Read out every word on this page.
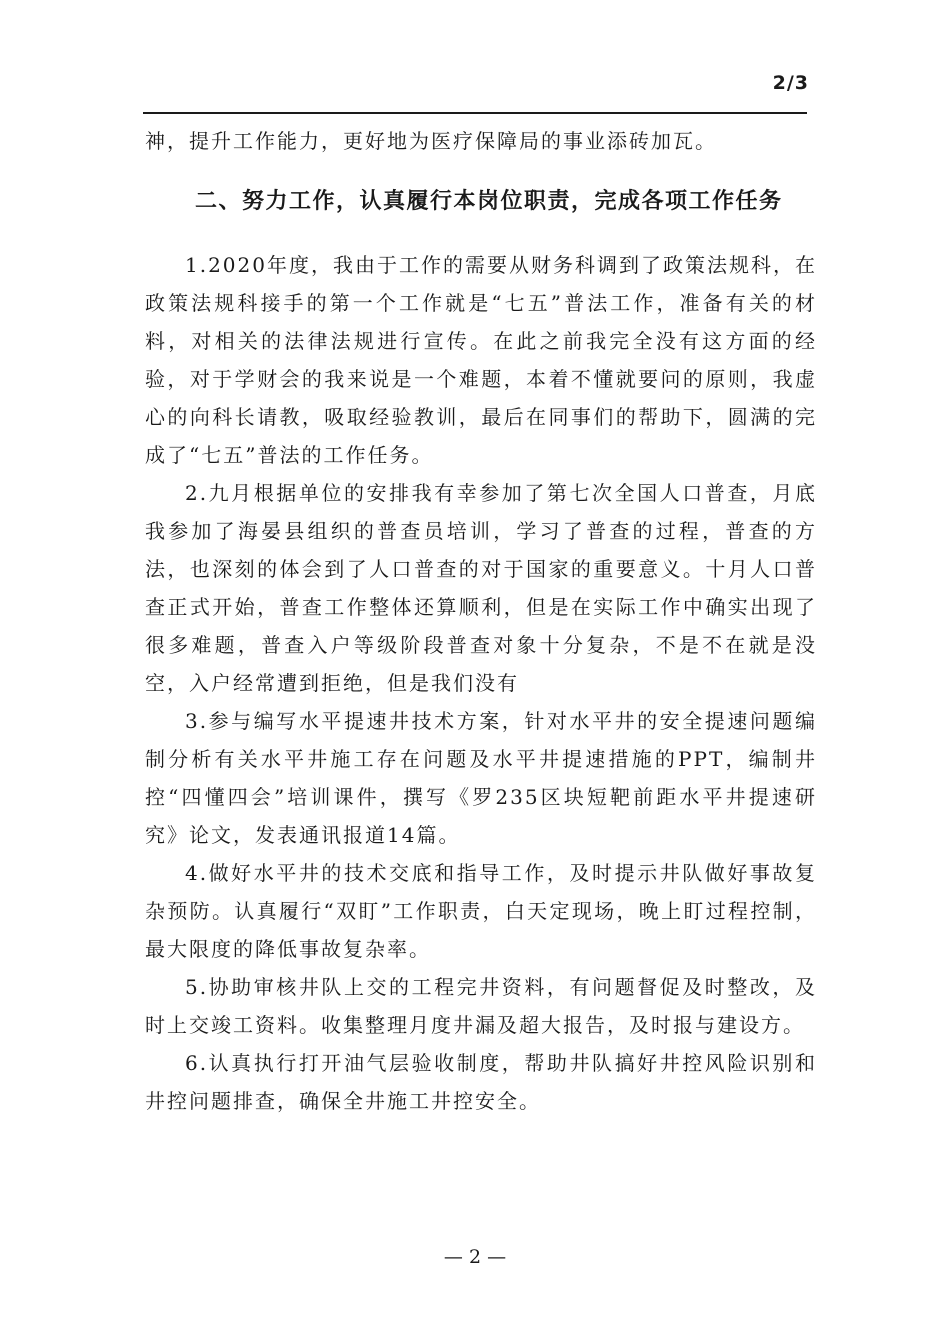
2/3

神，提升工作能力，更好地为医疗保障局的事业添砖加瓦。

二、努力工作，认真履行本岗位职责，完成各项工作任务

1.2020年度，我由于工作的需要从财务科调到了政策法规科，在政策法规科接手的第一个工作就是“七五”普法工作，准备有关的材料，对相关的法律法规进行宣传。在此之前我完全没有这方面的经验，对于学财会的我来说是一个难题，本着不懂就要问的原则，我虚心的向科长请教，吸取经验教训，最后在同事们的帮助下，圆满的完成了“七五”普法的工作任务。

2.九月根据单位的安排我有幸参加了第七次全国人口普查，月底我参加了海晏县组织的普查员培训，学习了普查的过程，普查的方法，也深刻的体会到了人口普查的对于国家的重要意义。十月人口普查正式开始，普查工作整体还算顺利，但是在实际工作中确实出现了很多难题，普查入户等级阶段普查对象十分复杂，不是不在就是没空，入户经常遭到拒绝，但是我们没有

3.参与编写水平提速井技术方案，针对水平井的安全提速问题编制分析有关水平井施工存在问题及水平井提速措施的PPT，编制井控“四懂四会”培训课件，撰写《罗235区块短靶前距水平井提速研究》论文，发表通讯报道14篇。

4.做好水平井的技术交底和指导工作，及时提示井队做好事故复杂预防。认真履行“双盯”工作职责，白天定现场，晚上盯过程控制，最大限度的降低事故复杂率。

5.协助审核井队上交的工程完井资料，有问题督促及时整改，及时上交竣工资料。收集整理月度井漏及超大报告，及时报与建设方。

6.认真执行打开油气层验收制度，帮助井队搞好井控风险识别和井控问题排查，确保全井施工井控安全。

— 2 —
